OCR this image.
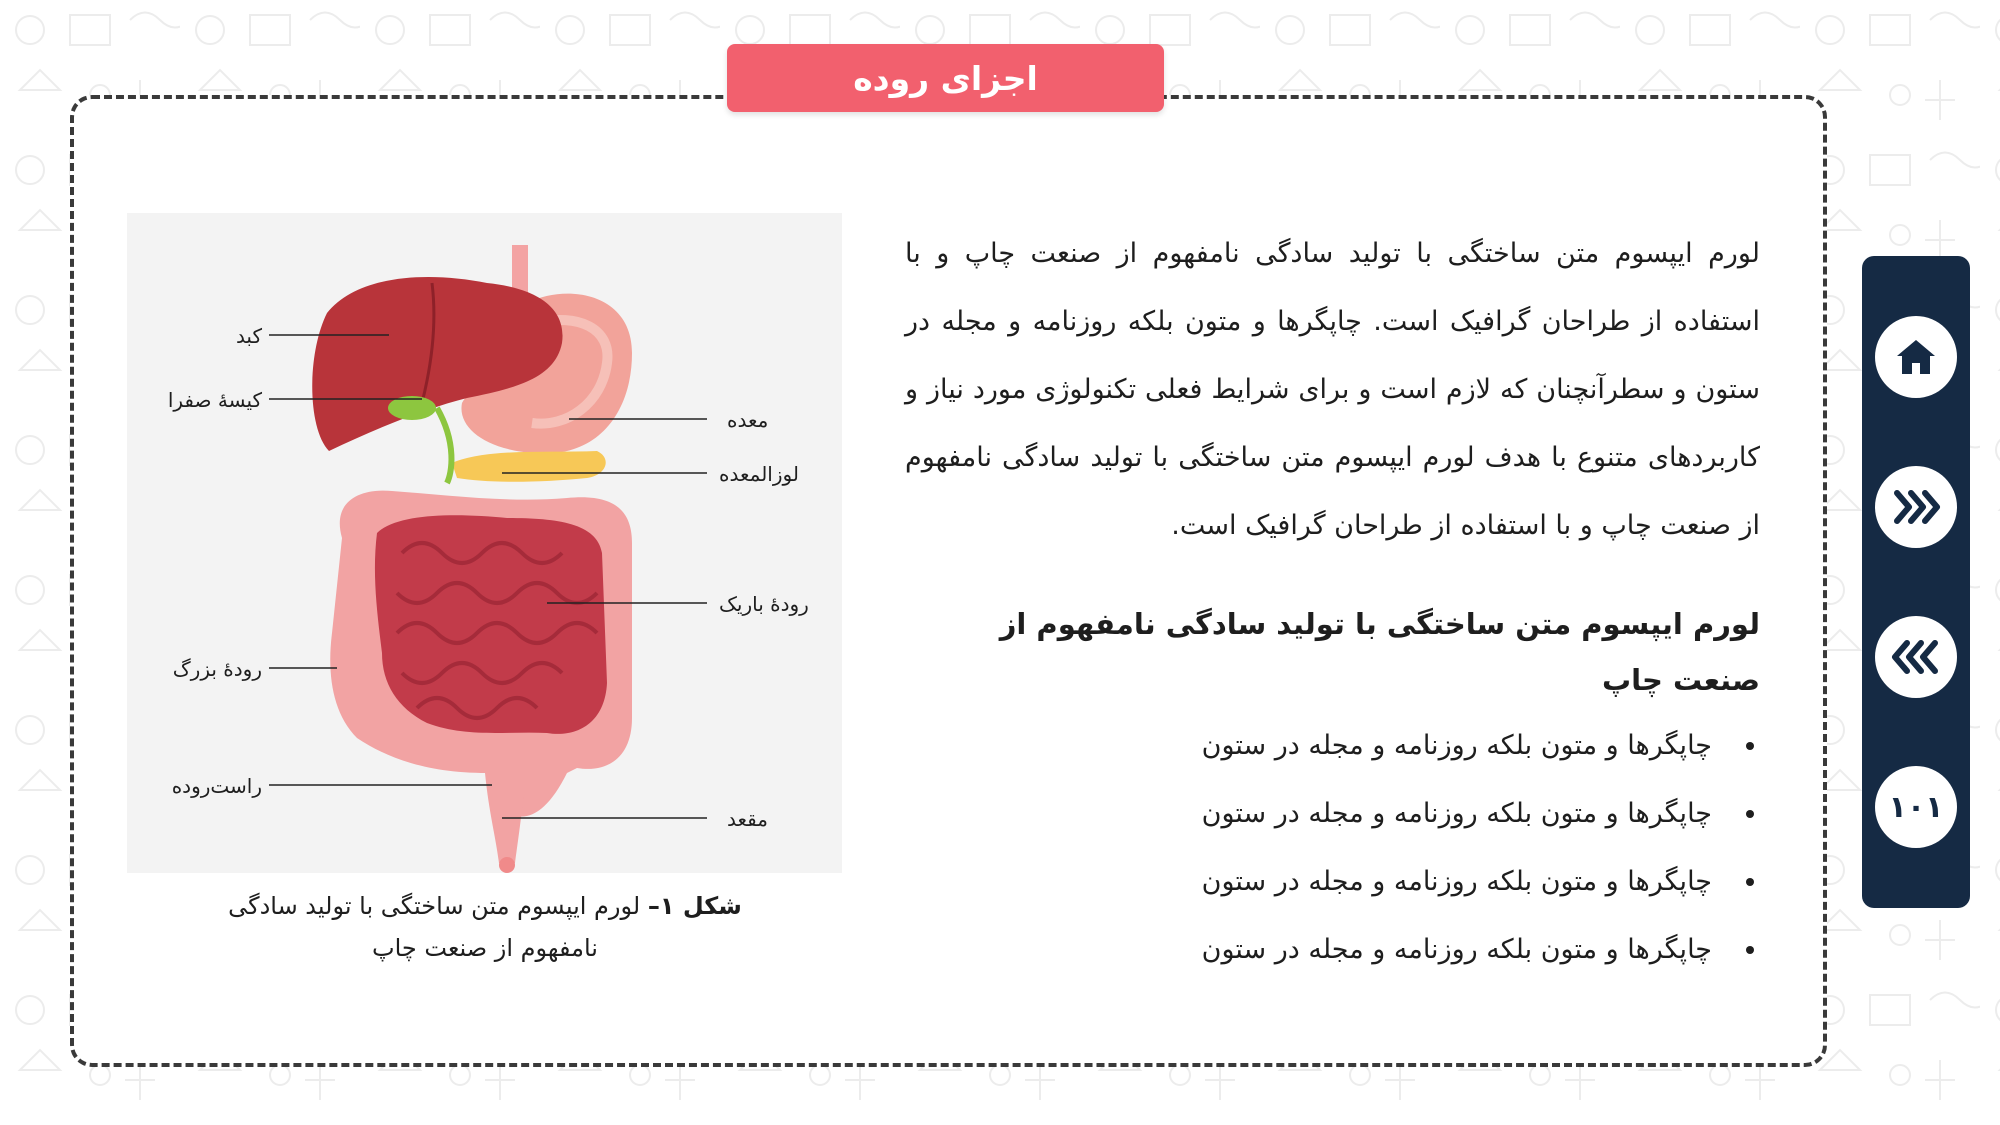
اجزای روده

لورم ایپسوم متن ساختگی با تولید سادگی نامفهوم از صنعت چاپ و با استفاده از طراحان گرافیک است. چاپگرها و متون بلکه روزنامه و مجله در ستون و سطرآنچنان که لازم است و برای شرایط فعلی تکنولوژی مورد نیاز و کاربردهای متنوع با هدف لورم ایپسوم متن ساختگی با تولید سادگی نامفهوم از صنعت چاپ و با استفاده از طراحان گرافیک است.

لورم ایپسوم متن ساختگی با تولید سادگی نامفهوم از صنعت چاپ
چاپگرها و متون بلکه روزنامه و مجله در ستون
چاپگرها و متون بلکه روزنامه و مجله در ستون
چاپگرها و متون بلکه روزنامه و مجله در ستون
چاپگرها و متون بلکه روزنامه و مجله در ستون
کبد
کیسهٔ صفرا
معده
لوزالمعده
رودهٔ باریک
رودهٔ بزرگ
راست‌روده
مقعد
شکل ۱– لورم ایپسوم متن ساختگی با تولید سادگی نامفهوم از صنعت چاپ
۱۰۱
